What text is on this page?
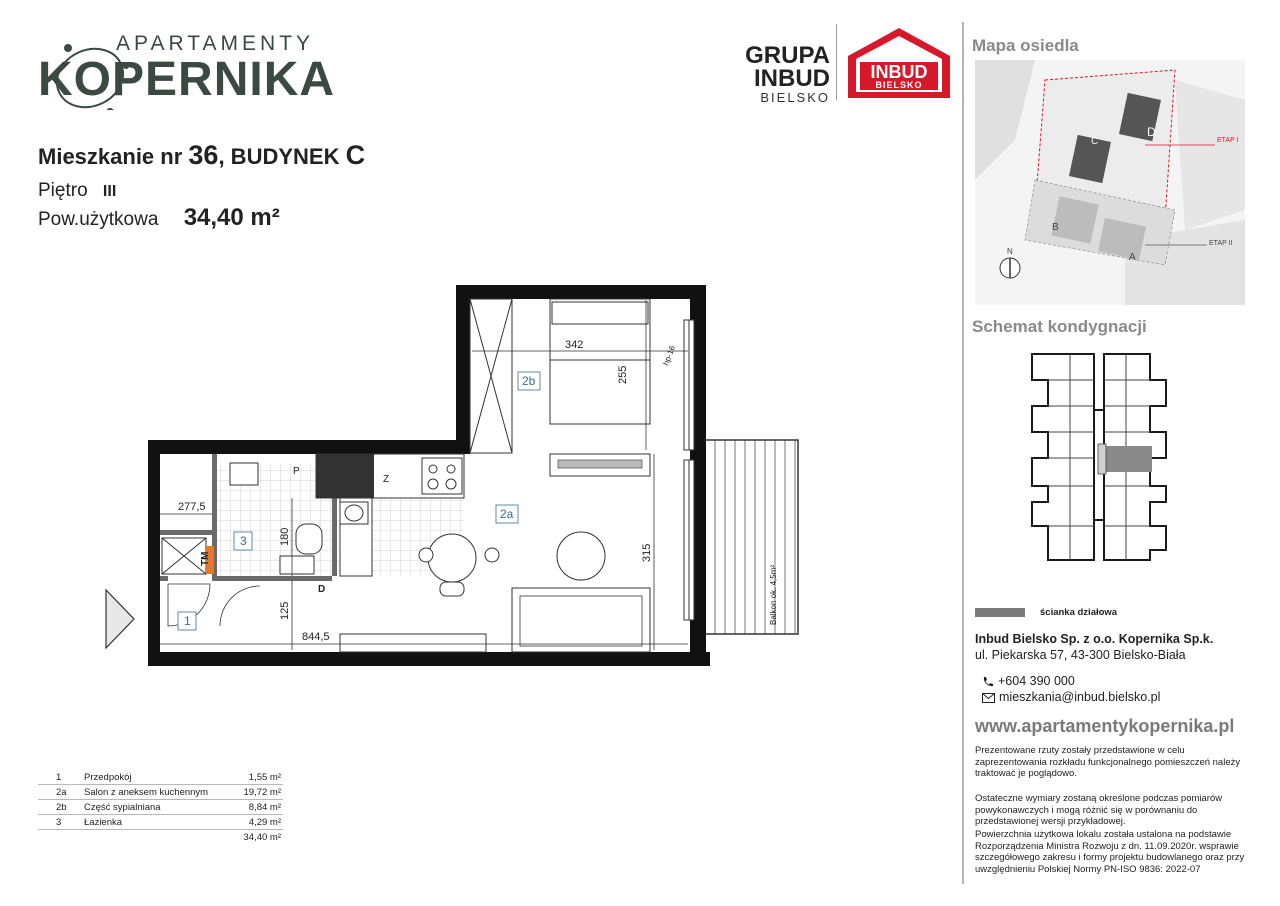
APARTAMENTY
KOPERNIKA	GRUPA
INBUD
BIELSKO
INBUD
BIELSKO
Mieszkanie nr 36, BUDYNEK C
Piętro III
Pow.użytkowa 34,40 m²
Balkon ok. 4,5m²
342
255
hp-16
277,5
180
125
844,5
315
TM
P
Z
D
2b
2a
3
1
1	Przedpokój	1,55 m²
2a	Salon z aneksem kuchennym	19,72 m²
2b	Część sypialniana	8,84 m²
3	Łazienka	4,29 m²
		34,40 m²
Mapa osiedla
ETAP I
ETAP II
N
A
B
C
D
Schemat kondygnacji
ścianka działowa
Inbud Bielsko Sp. z o.o. Kopernika Sp.k.
ul. Piekarska 57, 43-300 Bielsko-Biała
+604 390 000
mieszkania@inbud.bielsko.pl
www.apartamentykopernika.pl
Prezentowane rzuty zostały przedstawione w celu zaprezentowania rozkładu funkcjonalnego pomieszczeń należy traktować je poglądowo.
Ostateczne wymiary zostaną określone podczas pomiarów powykonawczych i mogą różnić się w porównaniu do przedstawionej wersji przykładowej.
Powierzchnia użytkowa lokalu została ustalona na podstawie Rozporządzenia Ministra Rozwoju z dn. 11.09.2020r. wsprawie szczegółowego zakresu i formy projektu budowlanego oraz przy uwzględnieniu Polskiej Normy PN-ISO 9836: 2022-07
